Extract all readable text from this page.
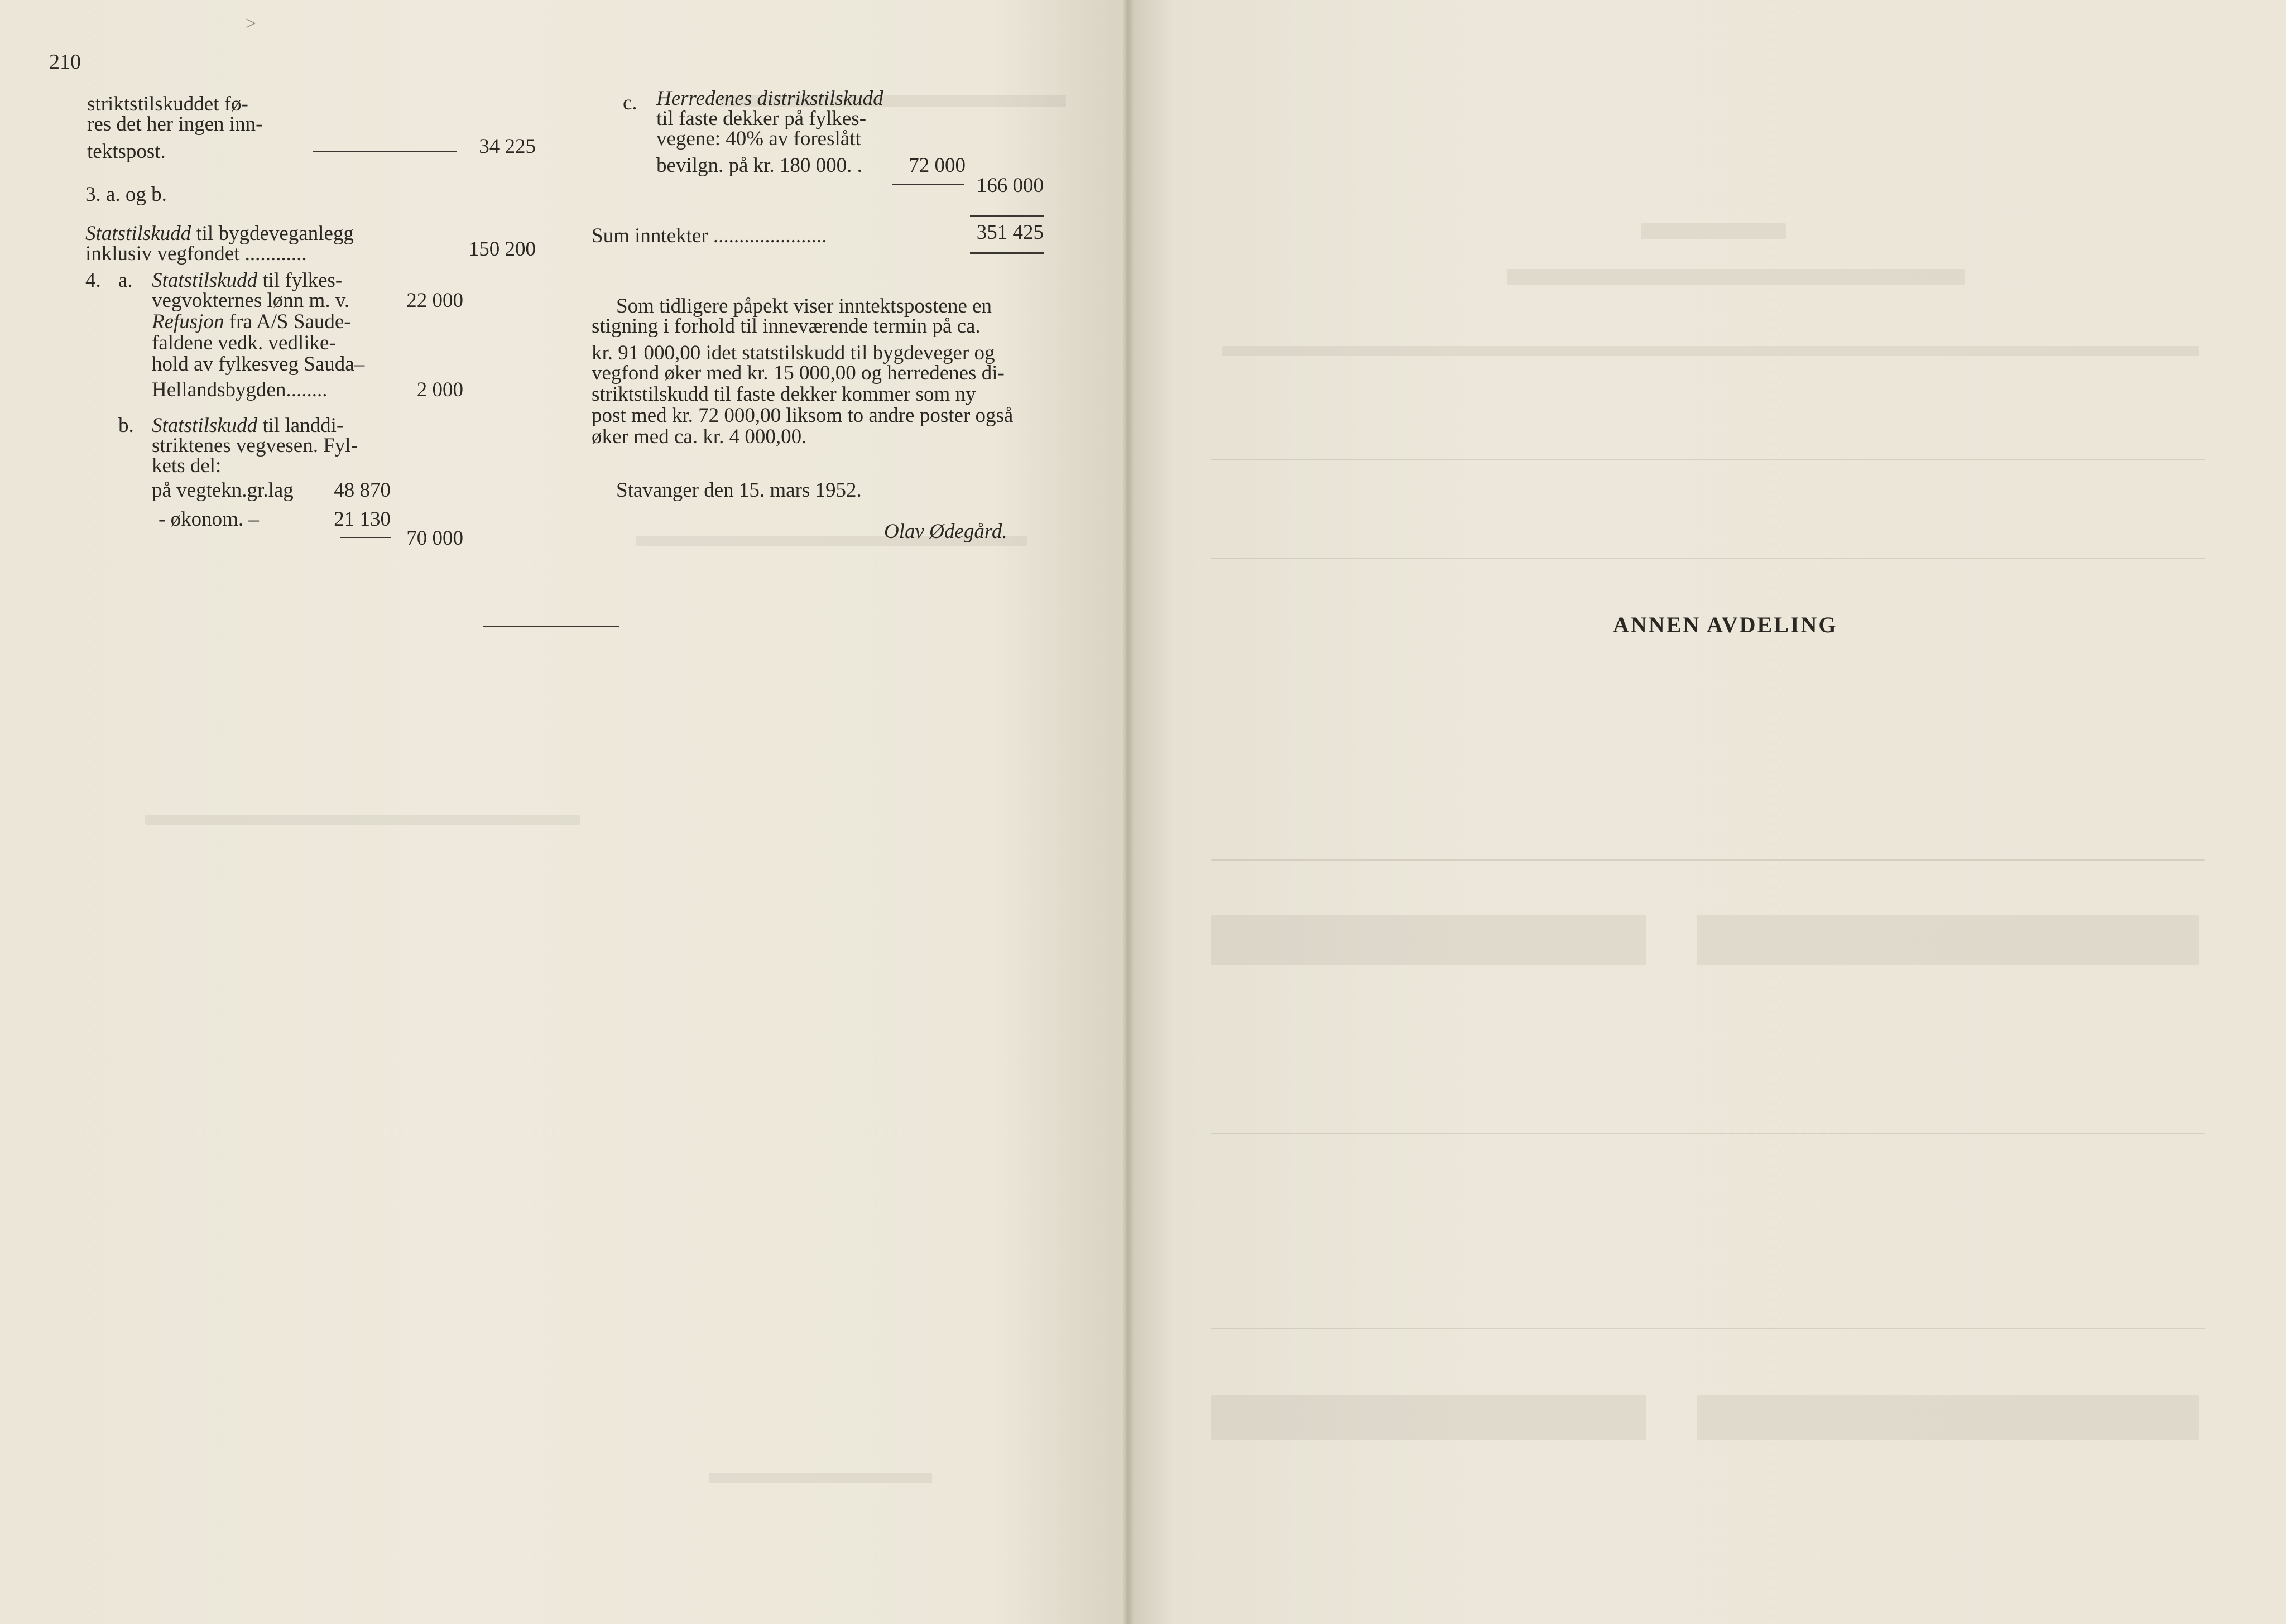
>
210
striktstilskuddet fø-
res det her ingen inn-
tektspost.	34 225
3. a. og b.
Statstilskudd til bygdeveganlegg
inklusiv vegfondet ............	150 200
4. a. Statstilskudd til fylkes-
vegvokternes lønn m. v.	22 000
Refusjon fra A/S Saude-
faldene vedk. vedlike-
hold av fylkesveg Sauda–
Hellandsbygden........	2 000
b. Statstilskudd til landdi-
striktenes vegvesen. Fyl-
kets del:
på vegtekn.gr.lag	48 870
- økonom. –	21 130
70 000
c. Herredenes distrikstilskudd
til faste dekker på fylkes-
vegene: 40% av foreslått
bevilgn. på kr. 180 000. .	72 000
166 000
Sum inntekter ......................	351 425
Som tidligere påpekt viser inntektspostene en
stigning i forhold til inneværende termin på ca.
kr. 91 000,00 idet statstilskudd til bygdeveger og
vegfond øker med kr. 15 000,00 og herredenes di-
striktstilskudd til faste dekker kommer som ny
post med kr. 72 000,00 liksom to andre poster også
øker med ca. kr. 4 000,00.
Stavanger den 15. mars 1952.
Olav Ødegård.
ANNEN AVDELING
